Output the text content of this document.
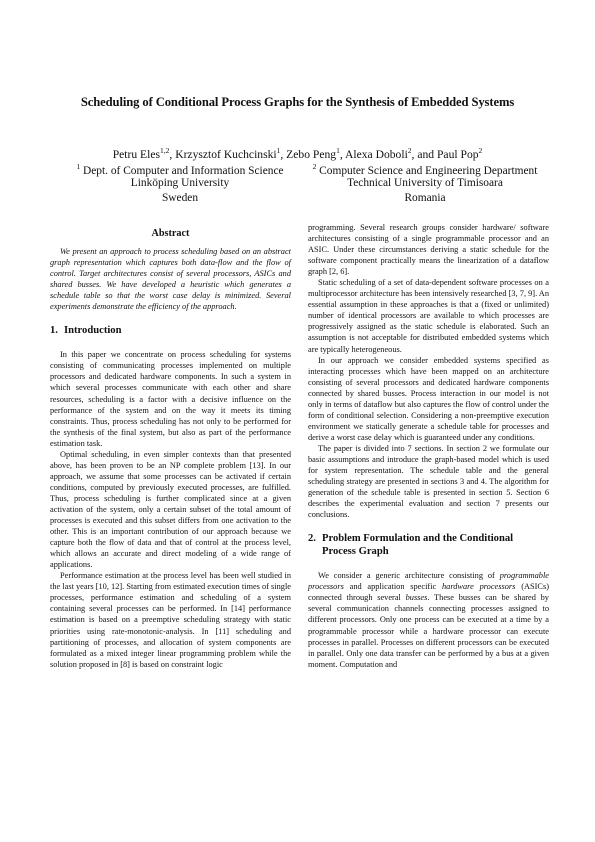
Scheduling of Conditional Process Graphs for the Synthesis of Embedded Systems
Petru Eles$^{1,2}$, Krzysztof Kuchcinski$^1$, Zebo Peng$^1$, Alexa Doboli$^2$, and Paul Pop$^2$
$^1$ Dept. of Computer and Information Science	$^2$ Computer Science and Engineering Department
Linköping University	Technical University of Timisoara
Sweden	Romania
Abstract

We present an approach to process scheduling based on an abstract graph representation which captures both data-flow and the flow of control. Target architectures consist of several processors, ASICs and shared busses. We have developed a heuristic which generates a schedule table so that the worst case delay is minimized. Several experiments demonstrate the efficiency of the approach.

1. Introduction

In this paper we concentrate on process scheduling for systems consisting of communicating processes implemented on multiple processors and dedicated hardware components. In such a system in which several processes communicate with each other and share resources, scheduling is a factor with a decisive influence on the performance of the system and on the way it meets its timing constraints. Thus, process scheduling has not only to be performed for the synthesis of the final system, but also as part of the performance estimation task.

Optimal scheduling, in even simpler contexts than that presented above, has been proven to be an NP complete problem [13]. In our approach, we assume that some processes can be activated if certain conditions, computed by previously executed processes, are fulfilled. Thus, process scheduling is further complicated since at a given activation of the system, only a certain subset of the total amount of processes is executed and this subset differs from one activation to the other. This is an important contribution of our approach because we capture both the flow of data and that of control at the process level, which allows an accurate and direct modeling of a wide range of applications.

Performance estimation at the process level has been well studied in the last years [10, 12]. Starting from estimated execution times of single processes, performance estimation and scheduling of a system containing several processes can be performed. In [14] performance estimation is based on a preemptive scheduling strategy with static priorities using rate-monotonic-analysis. In [11] scheduling and partitioning of processes, and allocation of system components are formulated as a mixed integer linear programming problem while the solution proposed in [8] is based on constraint logic

programming. Several research groups consider hardware/ software architectures consisting of a single programmable processor and an ASIC. Under these circumstances deriving a static schedule for the software component practically means the linearization of a dataflow graph [2, 6].

Static scheduling of a set of data-dependent software processes on a multiprocessor architecture has been intensively researched [3, 7, 9]. An essential assumption in these approaches is that a (fixed or unlimited) number of identical processors are available to which processes are progressively assigned as the static schedule is elaborated. Such an assumption is not acceptable for distributed embedded systems which are typically heterogeneous.

In our approach we consider embedded systems specified as interacting processes which have been mapped on an architecture consisting of several processors and dedicated hardware components connected by shared busses. Process interaction in our model is not only in terms of dataflow but also captures the flow of control under the form of conditional selection. Considering a non-preemptive execution environment we statically generate a schedule table for processes and derive a worst case delay which is guaranteed under any conditions.

The paper is divided into 7 sections. In section 2 we formulate our basic assumptions and introduce the graph-based model which is used for system representation. The schedule table and the general scheduling strategy are presented in sections 3 and 4. The algorithm for generation of the schedule table is presented in section 5. Section 6 describes the experimental evaluation and section 7 presents our conclusions.

2. Problem Formulation and the Conditional
Process Graph

We consider a generic architecture consisting of programmable processors and application specific hardware processors (ASICs) connected through several busses. These busses can be shared by several communication channels connecting processes assigned to different processors. Only one process can be executed at a time by a programmable processor while a hardware processor can execute processes in parallel. Processes on different processors can be executed in parallel. Only one data transfer can be performed by a bus at a given moment. Computation and
